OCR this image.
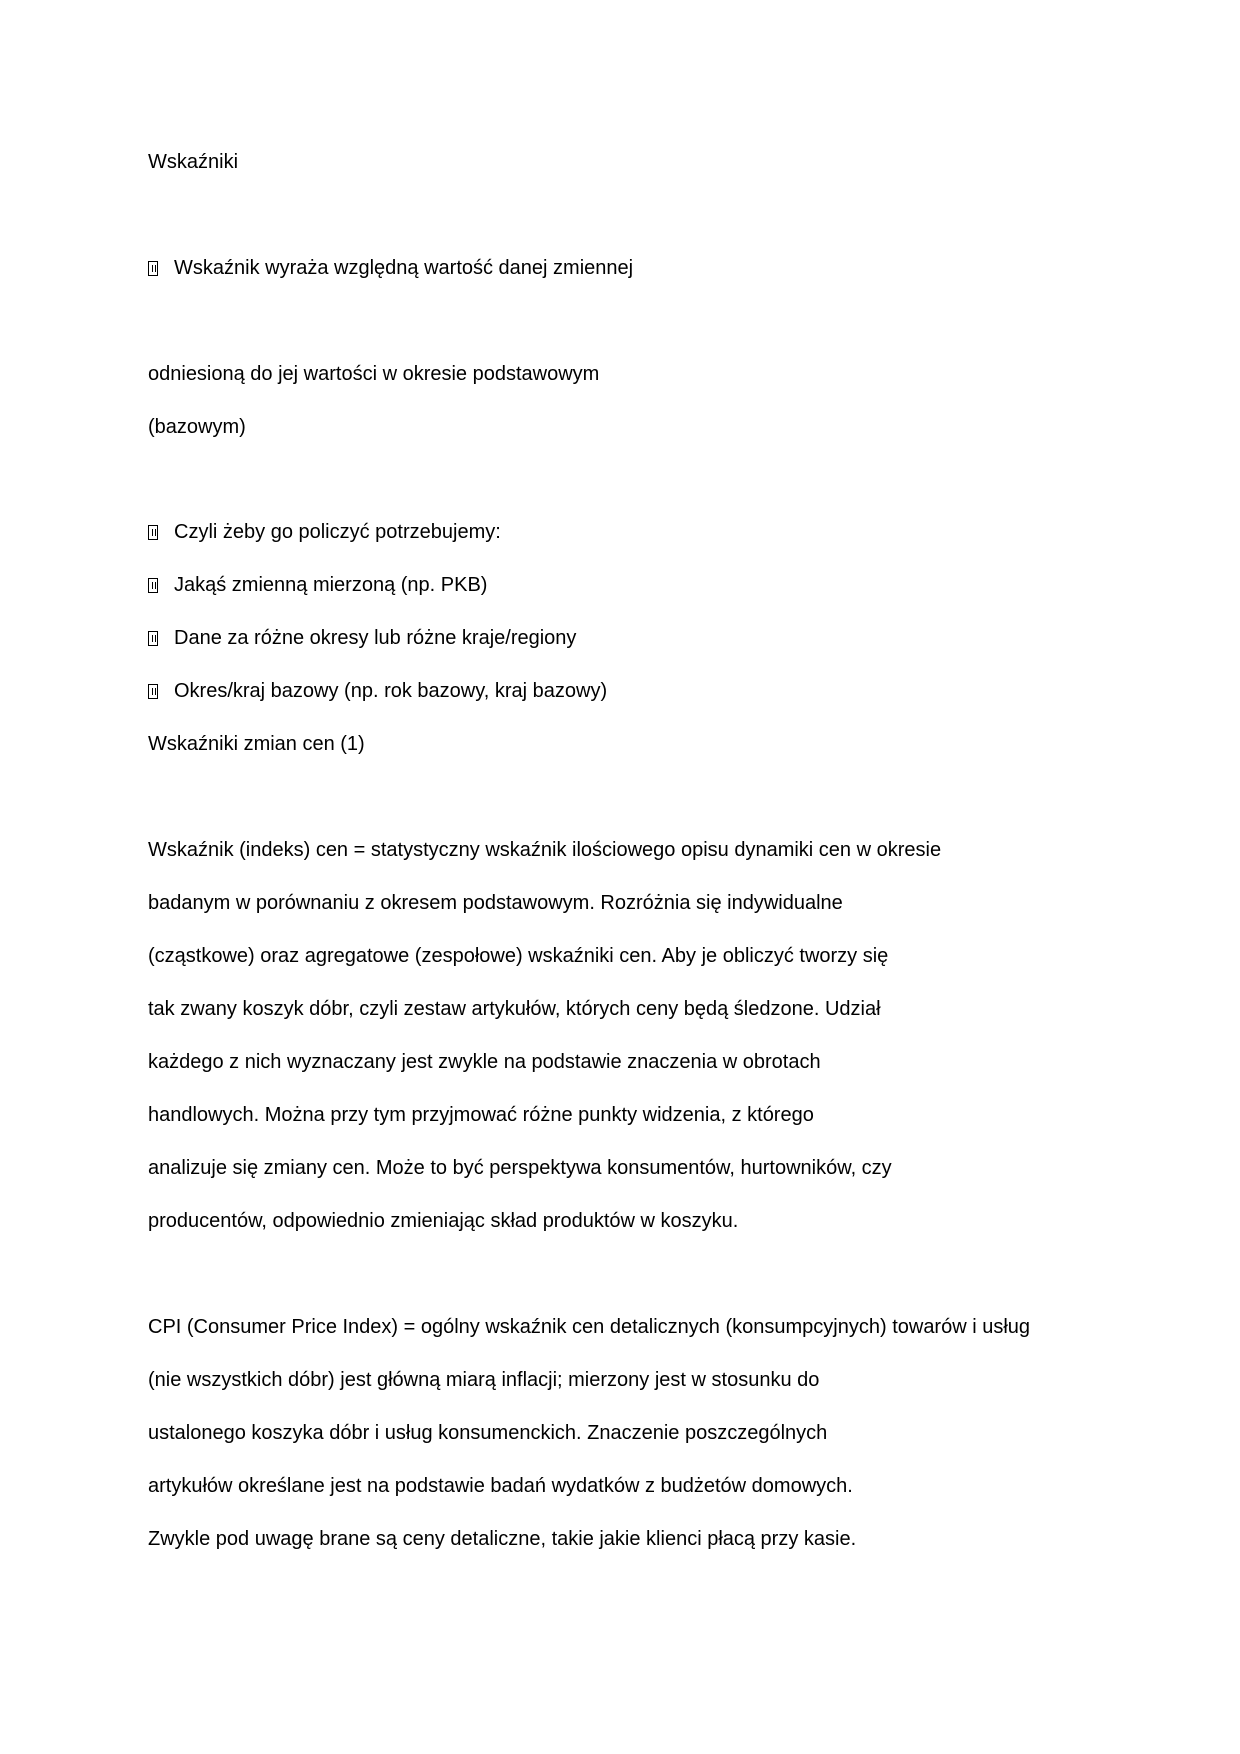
Wskaźniki
Wskaźnik wyraża względną wartość danej zmiennej
odniesioną do jej wartości w okresie podstawowym
(bazowym)
Czyli żeby go policzyć potrzebujemy:
Jakąś zmienną mierzoną (np. PKB)
Dane za różne okresy lub różne kraje/regiony
Okres/kraj bazowy (np. rok bazowy, kraj bazowy)
Wskaźniki zmian cen (1)
Wskaźnik (indeks) cen = statystyczny wskaźnik ilościowego opisu dynamiki cen w okresie
badanym w porównaniu z okresem podstawowym. Rozróżnia się indywidualne
(cząstkowe) oraz agregatowe (zespołowe) wskaźniki cen. Aby je obliczyć tworzy się
tak zwany koszyk dóbr, czyli zestaw artykułów, których ceny będą śledzone. Udział
każdego z nich wyznaczany jest zwykle na podstawie znaczenia w obrotach
handlowych. Można przy tym przyjmować różne punkty widzenia, z którego
analizuje się zmiany cen. Może to być perspektywa konsumentów, hurtowników, czy
producentów, odpowiednio zmieniając skład produktów w koszyku.
CPI (Consumer Price Index) = ogólny wskaźnik cen detalicznych (konsumpcyjnych) towarów i usług
(nie wszystkich dóbr) jest główną miarą inflacji; mierzony jest w stosunku do
ustalonego koszyka dóbr i usług konsumenckich. Znaczenie poszczególnych
artykułów określane jest na podstawie badań wydatków z budżetów domowych.
Zwykle pod uwagę brane są ceny detaliczne, takie jakie klienci płacą przy kasie.
